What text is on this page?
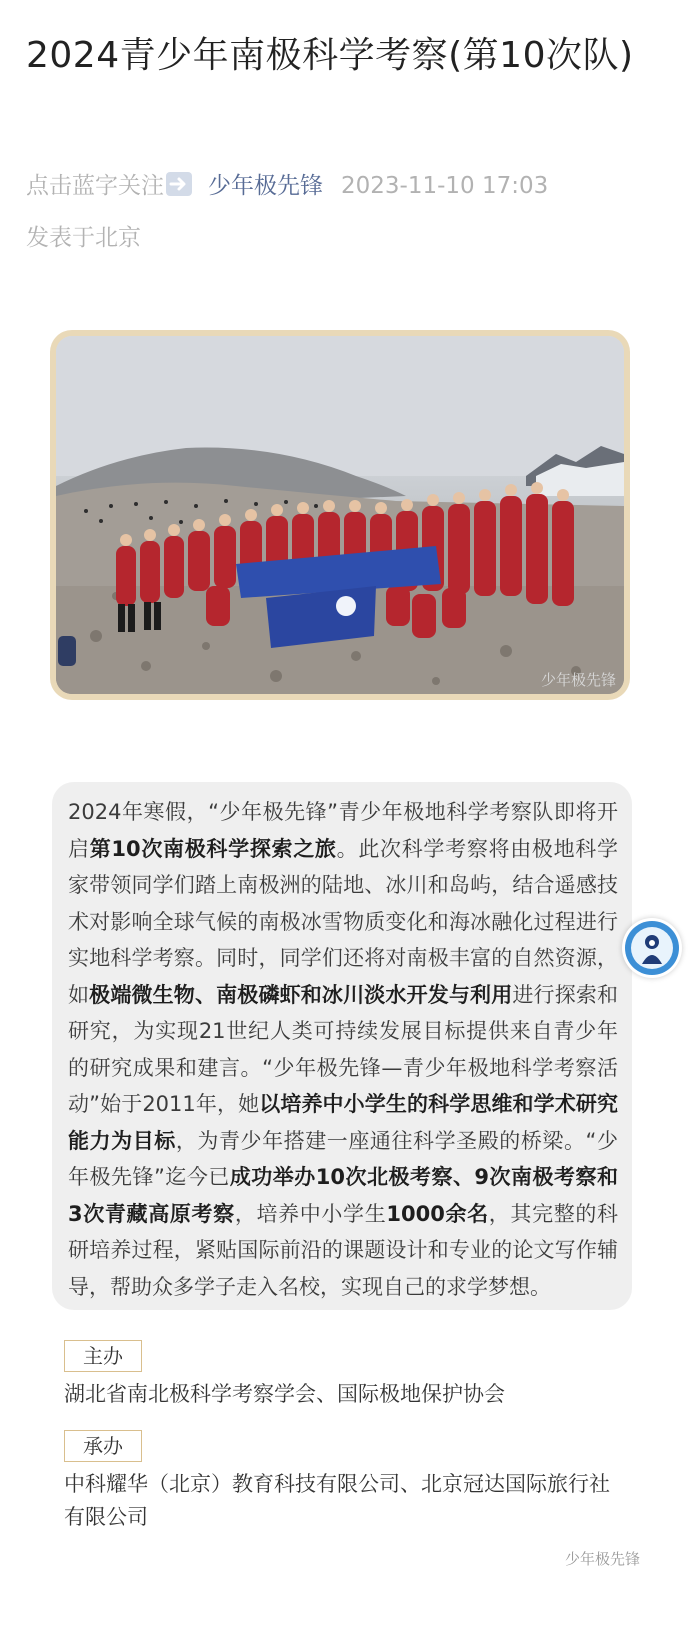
2024青少年南极科学考察(第10次队)
点击蓝字关注 少年极先锋 2023-11-10 17:03
发表于北京
少年极先锋
2024年寒假，“少年极先锋”青少年极地科学考察队即将开启第10次南极科学探索之旅。此次科学考察将由极地科学家带领同学们踏上南极洲的陆地、冰川和岛屿，结合遥感技术对影响全球气候的南极冰雪物质变化和海冰融化过程进行实地科学考察。同时，同学们还将对南极丰富的自然资源，如极端微生物、南极磷虾和冰川淡水开发与利用进行探索和研究，为实现21世纪人类可持续发展目标提供来自青少年的研究成果和建言。“少年极先锋—青少年极地科学考察活动”始于2011年，她以培养中小学生的科学思维和学术研究能力为目标，为青少年搭建一座通往科学圣殿的桥梁。“少年极先锋”迄今已成功举办10次北极考察、9次南极考察和3次青藏高原考察，培养中小学生1000余名，其完整的科研培养过程，紧贴国际前沿的课题设计和专业的论文写作辅导，帮助众多学子走入名校，实现自己的求学梦想。
主办
湖北省南北极科学考察学会、国际极地保护协会
承办
中科耀华（北京）教育科技有限公司、北京冠达国际旅行社有限公司
少年极先锋
